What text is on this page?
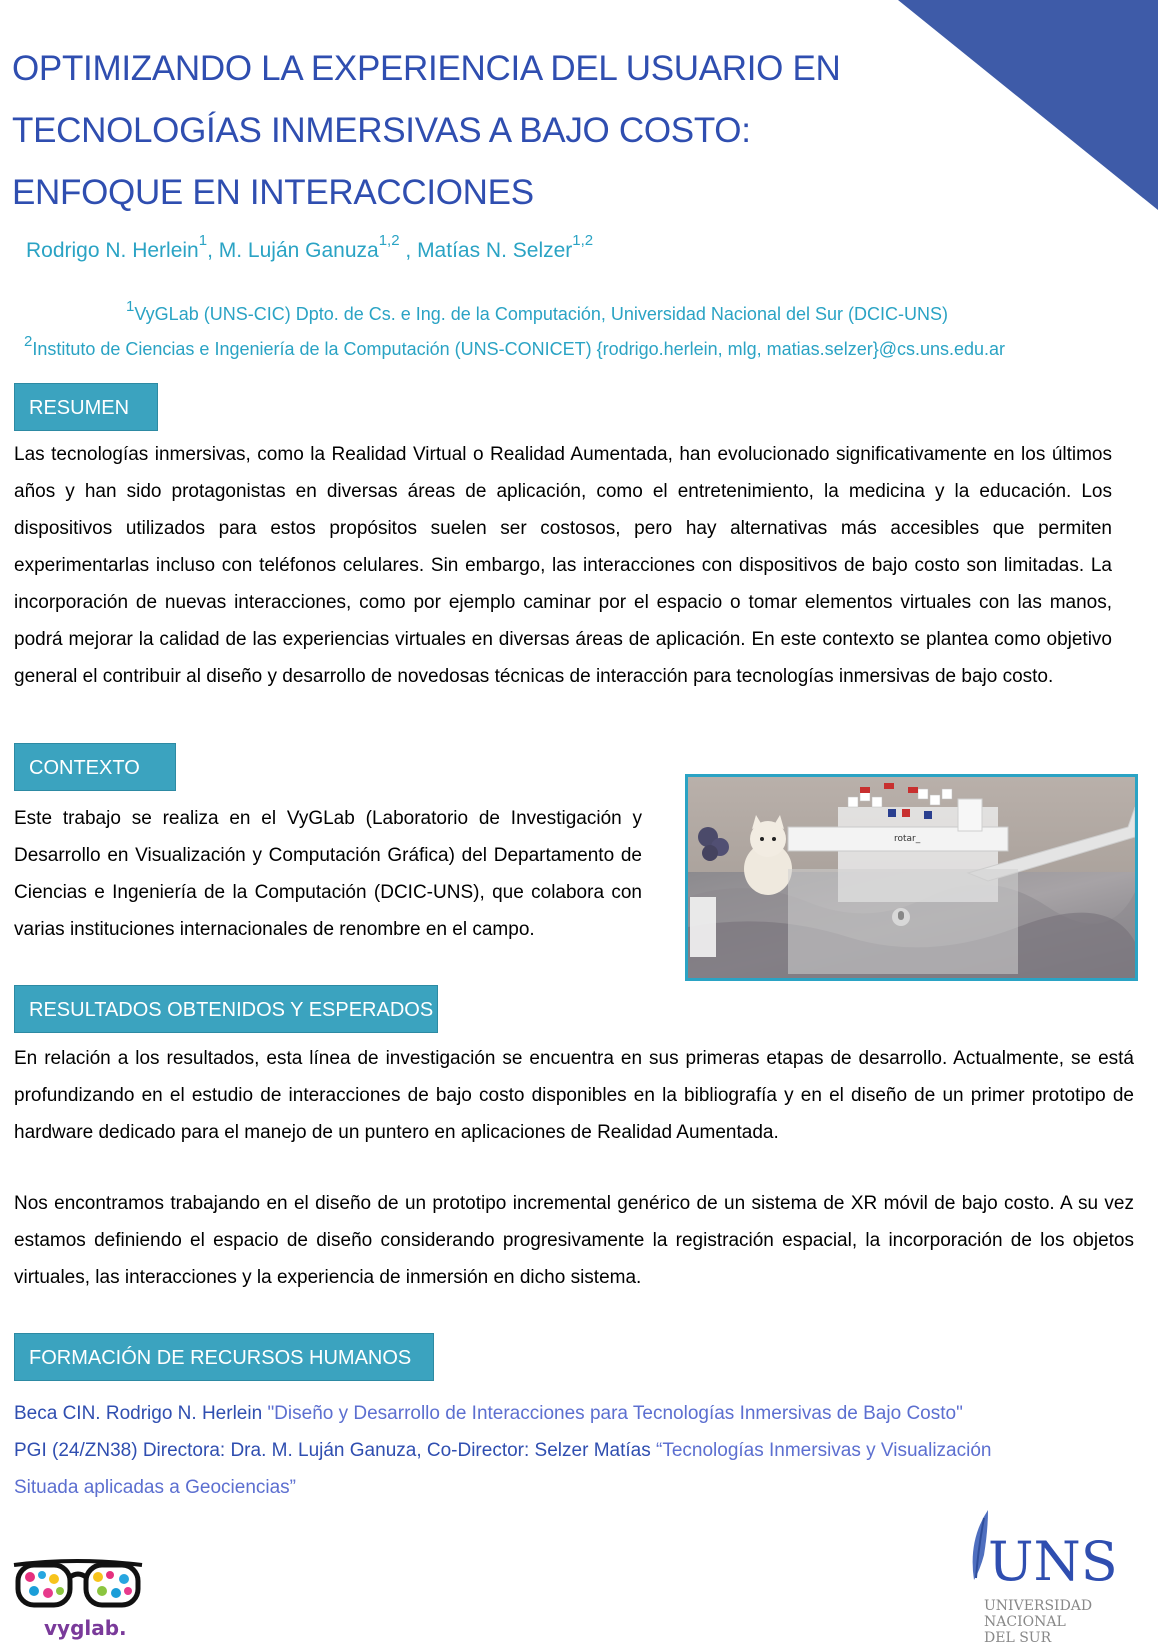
OPTIMIZANDO LA EXPERIENCIA DEL USUARIO EN
TECNOLOGÍAS INMERSIVAS A BAJO COSTO:
ENFOQUE EN INTERACCIONES
Rodrigo N. Herlein$^1$, M. Luján Ganuza$^{1,2}$ , Matías N. Selzer$^{1,2}$
$^1$VyGLab (UNS-CIC) Dpto. de Cs. e Ing. de la Computación, Universidad Nacional del Sur (DCIC-UNS)
$^2$Instituto de Ciencias e Ingeniería de la Computación (UNS-CONICET) {rodrigo.herlein, mlg, matias.selzer}@cs.uns.edu.ar
RESUMEN

Las tecnologías inmersivas, como la Realidad Virtual o Realidad Aumentada, han evolucionado significativamente en los últimos años y han sido protagonistas en diversas áreas de aplicación, como el entretenimiento, la medicina y la educación. Los dispositivos utilizados para estos propósitos suelen ser costosos, pero hay alternativas más accesibles que permiten experimentarlas incluso con teléfonos celulares. Sin embargo, las interacciones con dispositivos de bajo costo son limitadas. La incorporación de nuevas interacciones, como por ejemplo caminar por el espacio o tomar elementos virtuales con las manos, podrá mejorar la calidad de las experiencias virtuales en diversas áreas de aplicación. En este contexto se plantea como objetivo general el contribuir al diseño y desarrollo de novedosas técnicas de interacción para tecnologías inmersivas de bajo costo.

CONTEXTO

Este trabajo se realiza en el VyGLab (Laboratorio de Investigación y Desarrollo en Visualización y Computación Gráfica) del Departamento de Ciencias e Ingeniería de la Computación (DCIC-UNS), que colabora con varias instituciones internacionales de renombre en el campo.

rotar_
RESULTADOS OBTENIDOS Y ESPERADOS

En relación a los resultados, esta línea de investigación se encuentra en sus primeras etapas de desarrollo. Actualmente, se está profundizando en el estudio de interacciones de bajo costo disponibles en la bibliografía y en el diseño de un primer prototipo de hardware dedicado para el manejo de un puntero en aplicaciones de Realidad Aumentada.

Nos encontramos trabajando en el diseño de un prototipo incremental genérico de un sistema de XR móvil de bajo costo. A su vez estamos definiendo el espacio de diseño considerando progresivamente la registración espacial, la incorporación de los objetos virtuales, las interacciones y la experiencia de inmersión en dicho sistema.

FORMACIÓN DE RECURSOS HUMANOS
Beca CIN. Rodrigo N. Herlein "Diseño y Desarrollo de Interacciones para Tecnologías Inmersivas de Bajo Costo"
PGI (24/ZN38) Directora: Dra. M. Luján Ganuza, Co-Director: Selzer Matías “Tecnologías Inmersivas y Visualización
Situada aplicadas a Geociencias”
vyglab.
UNS
UNIVERSIDAD
NACIONAL
DEL SUR
